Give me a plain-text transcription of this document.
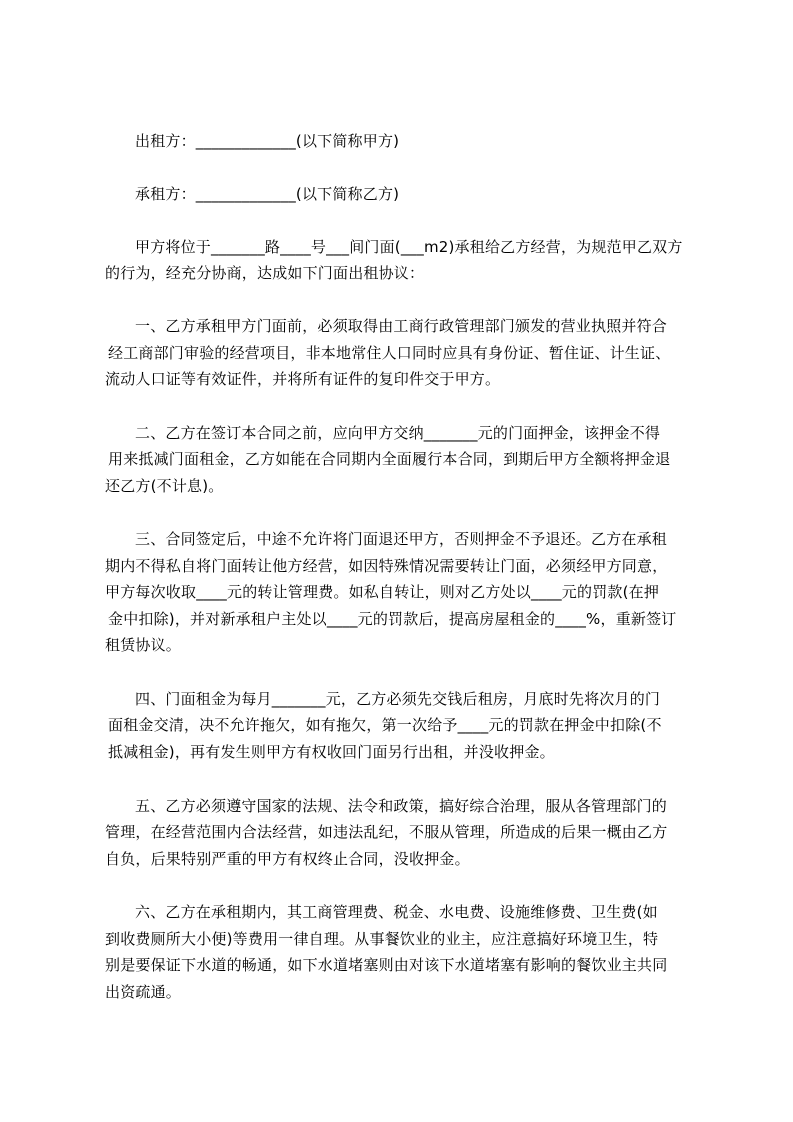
出租方：_____________(以下简称甲方)
承租方：_____________(以下简称乙方)
甲方将位于_______路____号___间门面(___m2)承租给乙方经营，为规范甲乙双方
的行为，经充分协商，达成如下门面出租协议：
一、乙方承租甲方门面前，必须取得由工商行政管理部门颁发的营业执照并符合
经工商部门审验的经营项目，非本地常住人口同时应具有身份证、暂住证、计生证、
流动人口证等有效证件，并将所有证件的复印件交于甲方。
二、乙方在签订本合同之前，应向甲方交纳_______元的门面押金，该押金不得
用来抵减门面租金，乙方如能在合同期内全面履行本合同，到期后甲方全额将押金退
还乙方(不计息)。
三、合同签定后，中途不允许将门面退还甲方，否则押金不予退还。乙方在承租
期内不得私自将门面转让他方经营，如因特殊情况需要转让门面，必须经甲方同意，
甲方每次收取____元的转让管理费。如私自转让，则对乙方处以____元的罚款(在押
金中扣除)，并对新承租户主处以____元的罚款后，提高房屋租金的____%，重新签订
租赁协议。
四、门面租金为每月_______元，乙方必须先交钱后租房，月底时先将次月的门
面租金交清，决不允许拖欠，如有拖欠，第一次给予____元的罚款在押金中扣除(不
抵减租金)，再有发生则甲方有权收回门面另行出租，并没收押金。
五、乙方必须遵守国家的法规、法令和政策，搞好综合治理，服从各管理部门的
管理，在经营范围内合法经营，如违法乱纪，不服从管理，所造成的后果一概由乙方
自负，后果特别严重的甲方有权终止合同，没收押金。
六、乙方在承租期内，其工商管理费、税金、水电费、设施维修费、卫生费(如
到收费厕所大小便)等费用一律自理。从事餐饮业的业主，应注意搞好环境卫生，特
别是要保证下水道的畅通，如下水道堵塞则由对该下水道堵塞有影响的餐饮业主共同
出资疏通。
